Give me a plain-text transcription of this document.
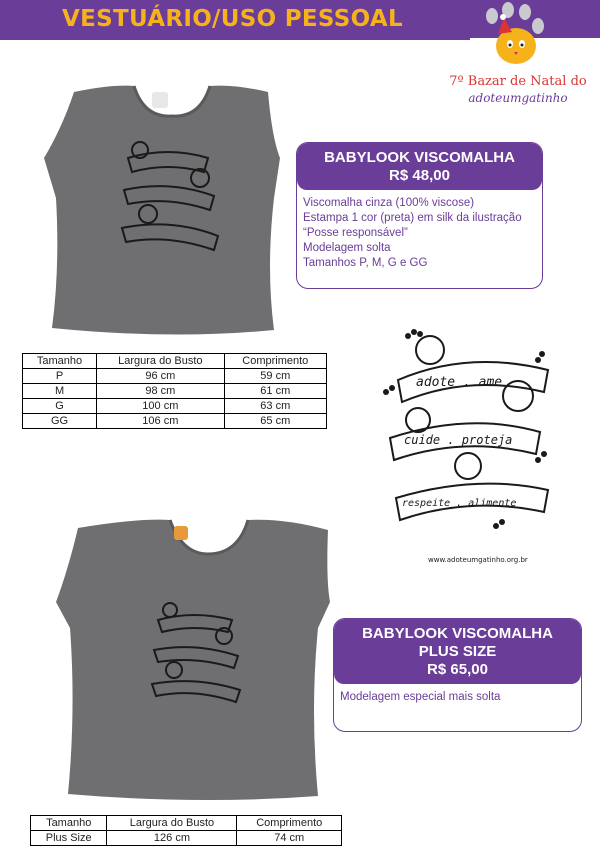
VESTUÁRIO/USO PESSOAL
7º Bazar de Natal do
adoteumgatinho
BABYLOOK VISCOMALHA
R$ 48,00
Viscomalha cinza (100% viscose)
Estampa 1 cor (preta) em silk da ilustração
“Posse responsável”
Modelagem solta
Tamanhos P, M, G e GG
Tamanho	Largura do Busto	Comprimento
P	96 cm	59 cm
M	98 cm	61 cm
G	100 cm	63 cm
GG	106 cm	65 cm
adote . ame
cuide . proteja
respeite . alimente
www.adoteumgatinho.org.br
BABYLOOK VISCOMALHA
PLUS SIZE
R$ 65,00
Modelagem especial mais solta
Tamanho	Largura do Busto	Comprimento
Plus Size	126 cm	74 cm
